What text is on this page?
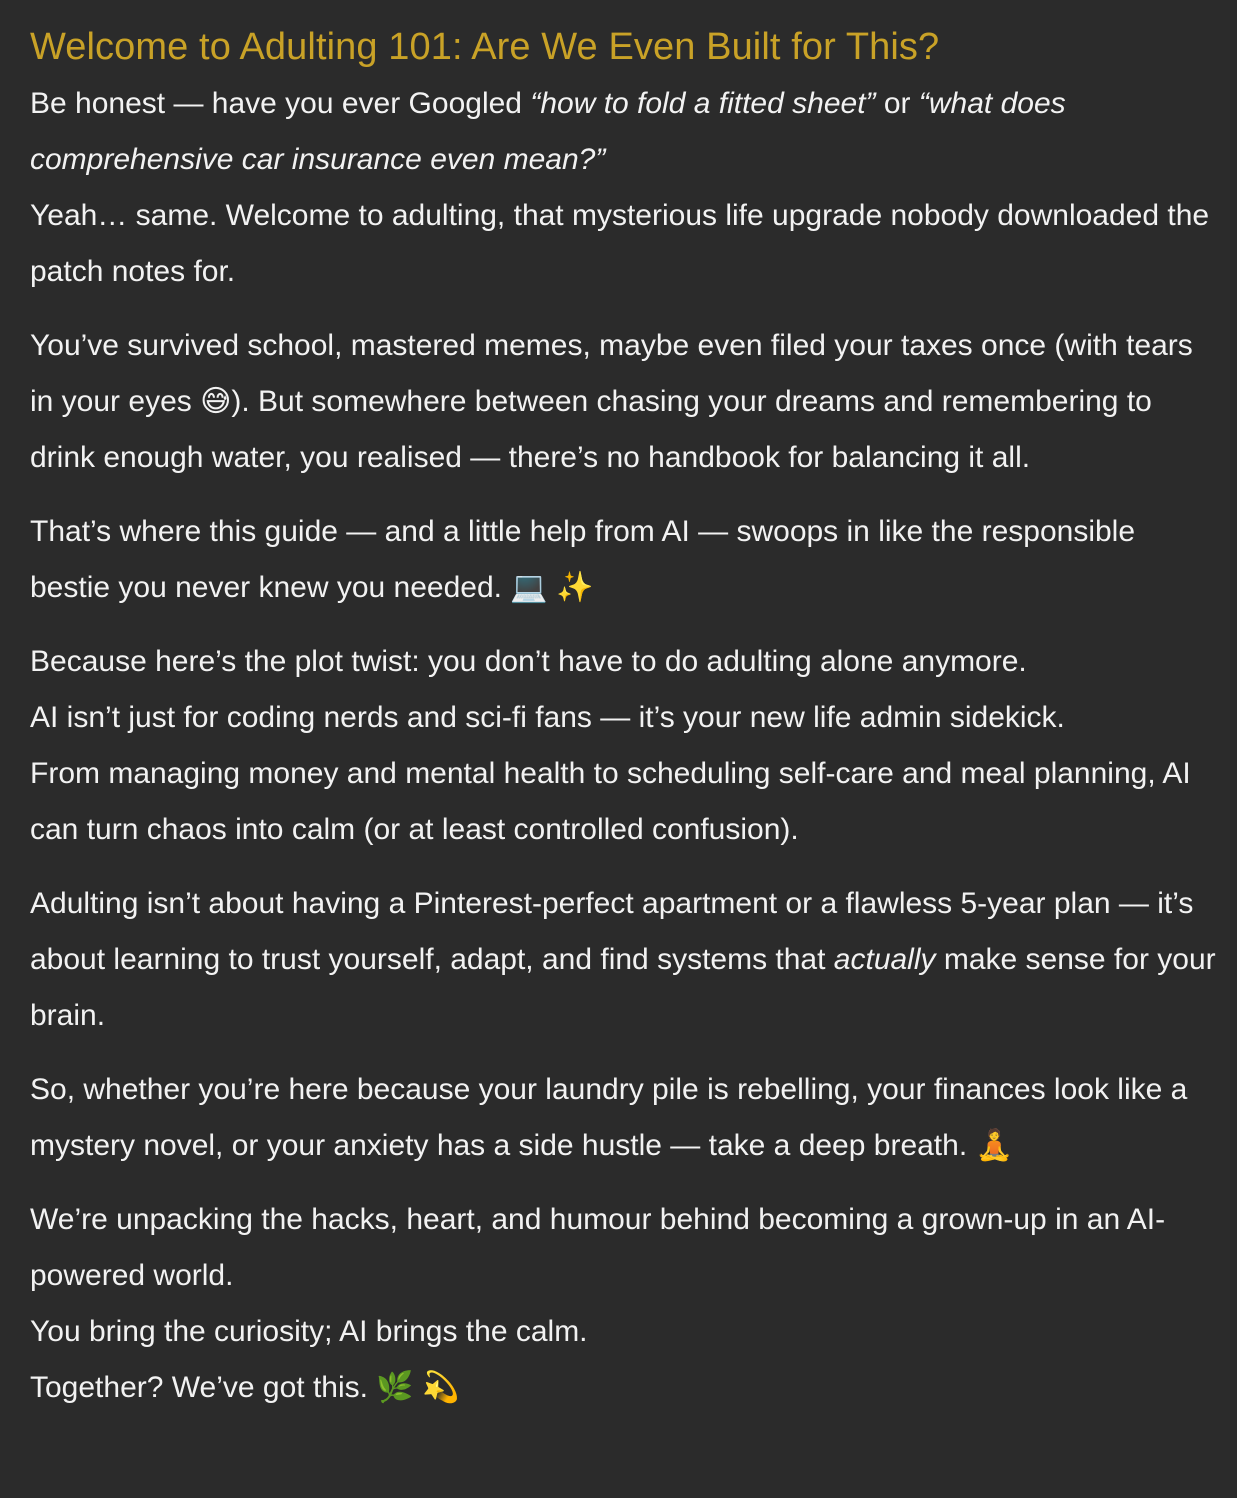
Welcome to Adulting 101: Are We Even Built for This?

Be honest — have you ever Googled “how to fold a fitted sheet” or “what does comprehensive car insurance even mean?”
Yeah… same. Welcome to adulting, that mysterious life upgrade nobody downloaded the patch notes for.

You’ve survived school, mastered memes, maybe even filed your taxes once (with tears in your eyes 😅). But somewhere between chasing your dreams and remembering to drink enough water, you realised — there’s no handbook for balancing it all.

That’s where this guide — and a little help from AI — swoops in like the responsible bestie you never knew you needed. 💻 ✨

Because here’s the plot twist: you don’t have to do adulting alone anymore.
AI isn’t just for coding nerds and sci-fi fans — it’s your new life admin sidekick.
From managing money and mental health to scheduling self-care and meal planning, AI can turn chaos into calm (or at least controlled confusion).

Adulting isn’t about having a Pinterest-perfect apartment or a flawless 5-year plan — it’s about learning to trust yourself, adapt, and find systems that actually make sense for your brain.

So, whether you’re here because your laundry pile is rebelling, your finances look like a mystery novel, or your anxiety has a side hustle — take a deep breath. 🧘

We’re unpacking the hacks, heart, and humour behind becoming a grown-up in an AI-powered world.
You bring the curiosity; AI brings the calm.
Together? We’ve got this. 🌿 💫
